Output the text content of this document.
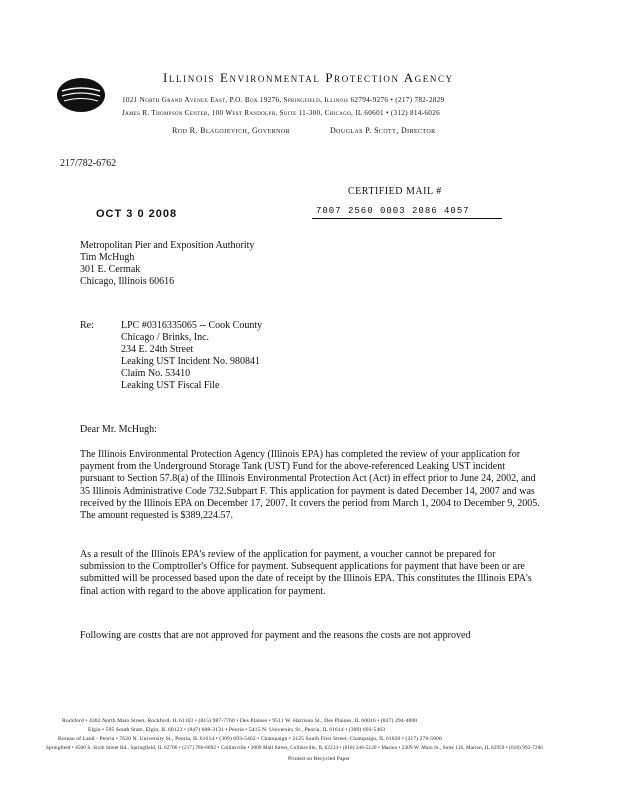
Illinois Environmental Protection Agency
1021 North Grand Avenue East, P.O. Box 19276, Springfield, Illinois 62794-9276 • (217) 782-2829
James R. Thompson Center, 100 West Randolph, Suite 11-300, Chicago, IL 60601 • (312) 814-6026
Rod R. Blagojevich, Governor	Douglas P. Scott, Director
217/782-6762
CERTIFIED MAIL #
7007 2560 0003 2086 4057
OCT 3 0 2008
Metropolitan Pier and Exposition Authority
Tim McHugh
301 E. Cermak
Chicago, Illinois 60616
Re:	LPC #0316335065 -- Cook County
Chicago / Brinks, Inc.
234 E. 24th Street
Leaking UST Incident No. 980841
Claim No. 53410
Leaking UST Fiscal File
Dear Mr. McHugh:
The Illinois Environmental Protection Agency (Illinois EPA) has completed the review of your application for payment from the Underground Storage Tank (UST) Fund for the above-referenced Leaking UST incident pursuant to Section 57.8(a) of the Illinois Environmental Protection Act (Act) in effect prior to June 24, 2002, and 35 Illinois Administrative Code 732.Subpart F. This application for payment is dated December 14, 2007 and was received by the Illinois EPA on December 17, 2007. It covers the period from March 1, 2004 to December 9, 2005. The amount requested is $389,224.57.
As a result of the Illinois EPA's review of the application for payment, a voucher cannot be prepared for submission to the Comptroller's Office for payment. Subsequent applications for payment that have been or are submitted will be processed based upon the date of receipt by the Illinois EPA. This constitutes the Illinois EPA's final action with regard to the above application for payment.
Following are costts that are not approved for payment and the reasons the costs are not approved
Rockford • 4302 North Main Street, Rockford, IL 61103 • (815) 987-7760 • Des Plaines • 9511 W. Harrison St., Des Plaines, IL 60016 • (847) 294-4000
Elgin • 595 South State, Elgin, IL 60123 • (847) 608-3131 • Peoria • 5415 N. University St., Peoria, IL 61614 • (309) 693-5463
Bureau of Land - Peoria • 7620 N. University St., Peoria, IL 61614 • (309) 693-5462 • Champaign • 2125 South First Street, Champaign, IL 61820 • (217) 278-5800
Springfield • 4500 S. Sixth Street Rd., Springfield, IL 62706 • (217) 786-6892 • Collinsville • 2009 Mall Street, Collinsville, IL 62234 • (618) 346-5120 • Marion • 2309 W. Main St., Suite 116, Marion, IL 62959 • (618) 993-7200
Printed on Recycled Paper
